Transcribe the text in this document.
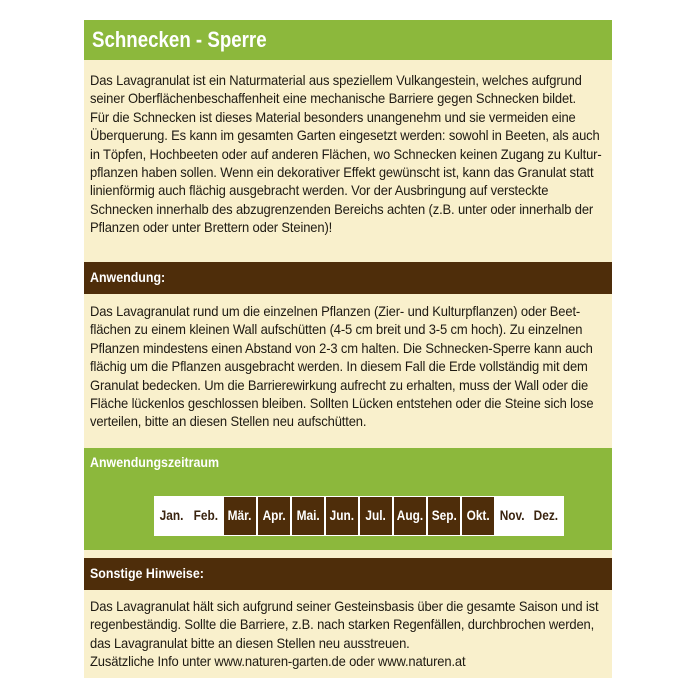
Schnecken - Sperre
Das Lavagranulat ist ein Naturmaterial aus speziellem Vulkangestein, welches aufgrund
seiner Oberflächenbeschaffenheit eine mechanische Barriere gegen Schnecken bildet.
Für die Schnecken ist dieses Material besonders unangenehm und sie vermeiden eine
Überquerung. Es kann im gesamten Garten eingesetzt werden: sowohl in Beeten, als auch
in Töpfen, Hochbeeten oder auf anderen Flächen, wo Schnecken keinen Zugang zu Kultur-
pflanzen haben sollen. Wenn ein dekorativer Effekt gewünscht ist, kann das Granulat statt
linienförmig auch flächig ausgebracht werden. Vor der Ausbringung auf versteckte
Schnecken innerhalb des abzugrenzenden Bereichs achten (z.B. unter oder innerhalb der
Pflanzen oder unter Brettern oder Steinen)!
Anwendung:
Das Lavagranulat rund um die einzelnen Pflanzen (Zier- und Kulturpflanzen) oder Beet-
flächen zu einem kleinen Wall aufschütten (4-5 cm breit und 3-5 cm hoch). Zu einzelnen
Pflanzen mindestens einen Abstand von 2-3 cm halten. Die Schnecken-Sperre kann auch
flächig um die Pflanzen ausgebracht werden. In diesem Fall die Erde vollständig mit dem
Granulat bedecken. Um die Barrierewirkung aufrecht zu erhalten, muss der Wall oder die
Fläche lückenlos geschlossen bleiben. Sollten Lücken entstehen oder die Steine sich lose
verteilen, bitte an diesen Stellen neu aufschütten.
Anwendungszeitraum
Jan. Feb. Mär. Apr. Mai. Jun. Jul. Aug. Sep. Okt. Nov. Dez.
Sonstige Hinweise:
Das Lavagranulat hält sich aufgrund seiner Gesteinsbasis über die gesamte Saison und ist
regenbeständig. Sollte die Barriere, z.B. nach starken Regenfällen, durchbrochen werden,
das Lavagranulat bitte an diesen Stellen neu ausstreuen.
Zusätzliche Info unter www.naturen-garten.de oder www.naturen.at
